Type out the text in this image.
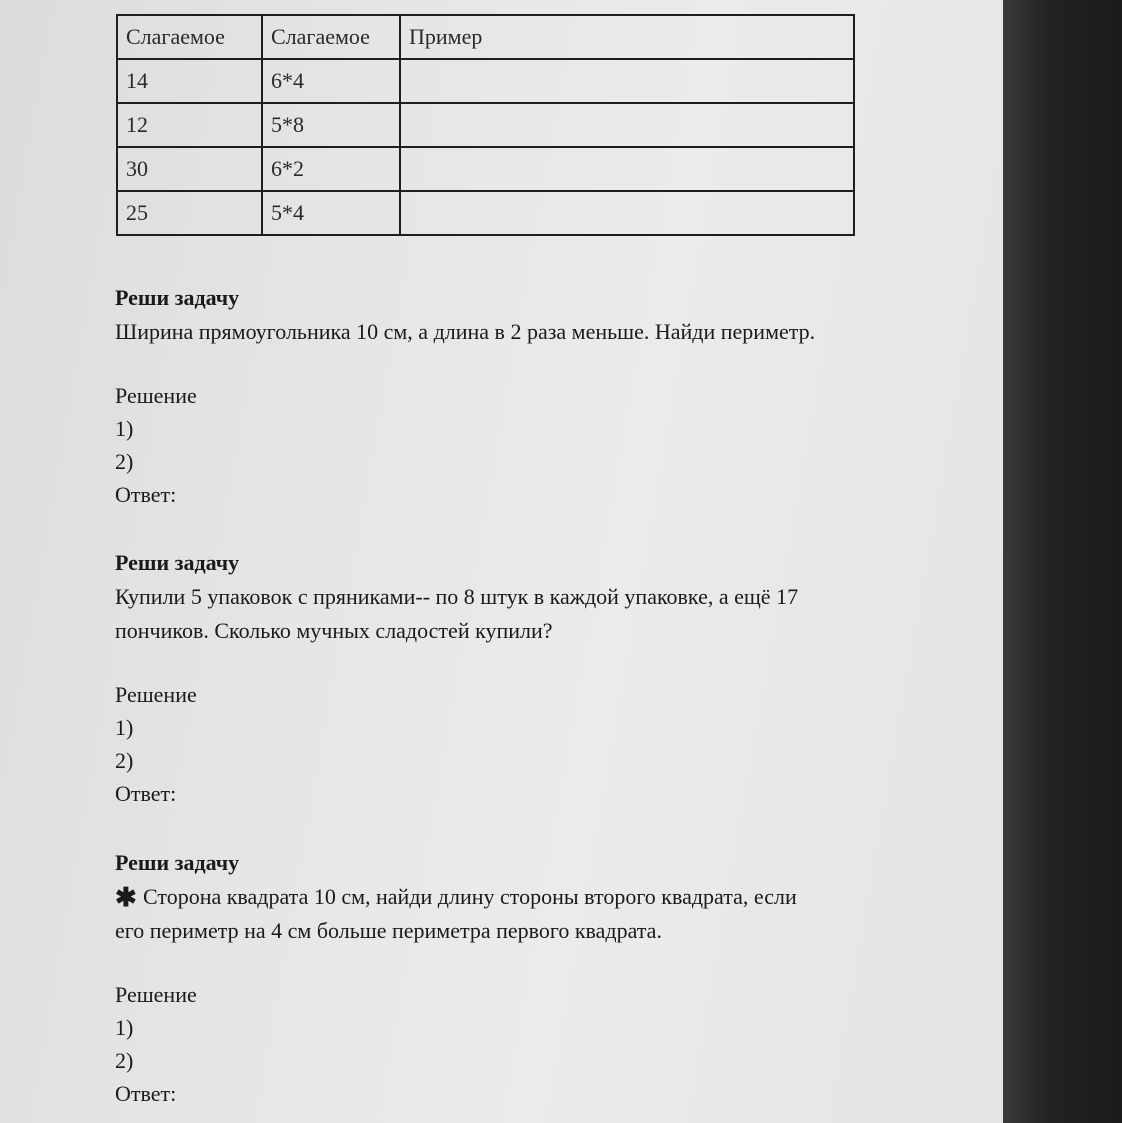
Слагаемое	Слагаемое	Пример
14	6*4	
12	5*8	
30	6*2	
25	5*4	
Реши задачу
Ширина прямоугольника 10 см, а длина в 2 раза меньше. Найди периметр.
Решение
1)
2)
Ответ:
Реши задачу
Купили 5 упаковок с пряниками-- по 8 штук в каждой упаковке, а ещё 17
пончиков. Сколько мучных сладостей купили?
Решение
1)
2)
Ответ:
Реши задачу
✱ Сторона квадрата 10 см, найди длину стороны второго квадрата, если
его периметр на 4 см больше периметра первого квадрата.
Решение
1)
2)
Ответ:
